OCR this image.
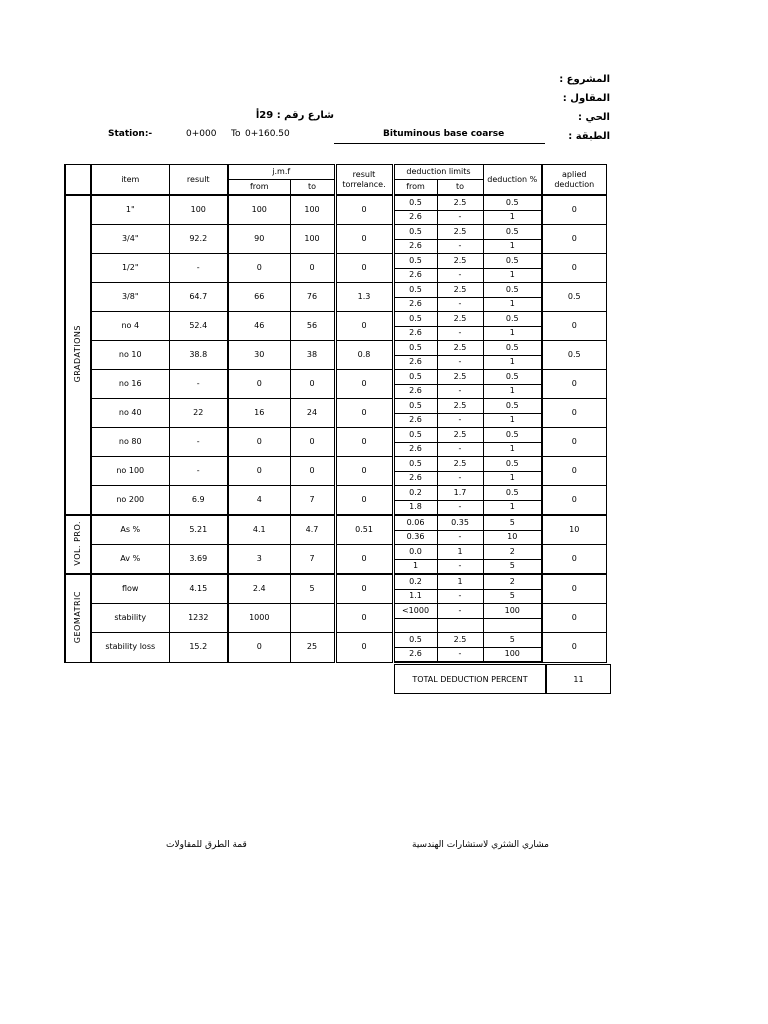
المشروع :
المقاول :
الحي :
الطبقة :
شارع رقم : 29أ
Station:-	0+000 To 0+160.50	Bituminous base coarse
	item	result	j.m.f		result torrelance.	deduction limits		deduction %	aplied deduction
			from	to		from	to		
GRADATIONS	1"	100	100	100	0	0.5	2.5	0.5	0
						2.6	-	1	
	3/4"	92.2	90	100	0	0.5	2.5	0.5	0
						2.6	-	1	
	1/2"	-	0	0	0	0.5	2.5	0.5	0
						2.6	-	1	
	3/8"	64.7	66	76	1.3	0.5	2.5	0.5	0.5
						2.6	-	1	
	no 4	52.4	46	56	0	0.5	2.5	0.5	0
						2.6	-	1	
	no 10	38.8	30	38	0.8	0.5	2.5	0.5	0.5
						2.6	-	1	
	no 16	-	0	0	0	0.5	2.5	0.5	0
						2.6	-	1	
	no 40	22	16	24	0	0.5	2.5	0.5	0
						2.6	-	1	
	no 80	-	0	0	0	0.5	2.5	0.5	0
						2.6	-	1	
	no 100	-	0	0	0	0.5	2.5	0.5	0
						2.6	-	1	
	no 200	6.9	4	7	0	0.2	1.7	0.5	0
						1.8	-	1	
VOL. PRO.	As %	5.21	4.1	4.7	0.51	0.06	0.35	5	10
						0.36	-	10	
	Av %	3.69	3	7	0	0.0	1	2	0
						1	-	5	
GEOMATRIC	flow	4.15	2.4	5	0	0.2	1	2	0
						1.1	-	5	
	stability	1232	1000		0	<1000	-	100	0

	stability loss	15.2	0	25	0	0.5	2.5	5	0
						2.6	-	100	
TOTAL DEDUCTION PERCENT	11
قمة الطرق للمقاولات	مشاري الشثري لاستشارات الهندسية
